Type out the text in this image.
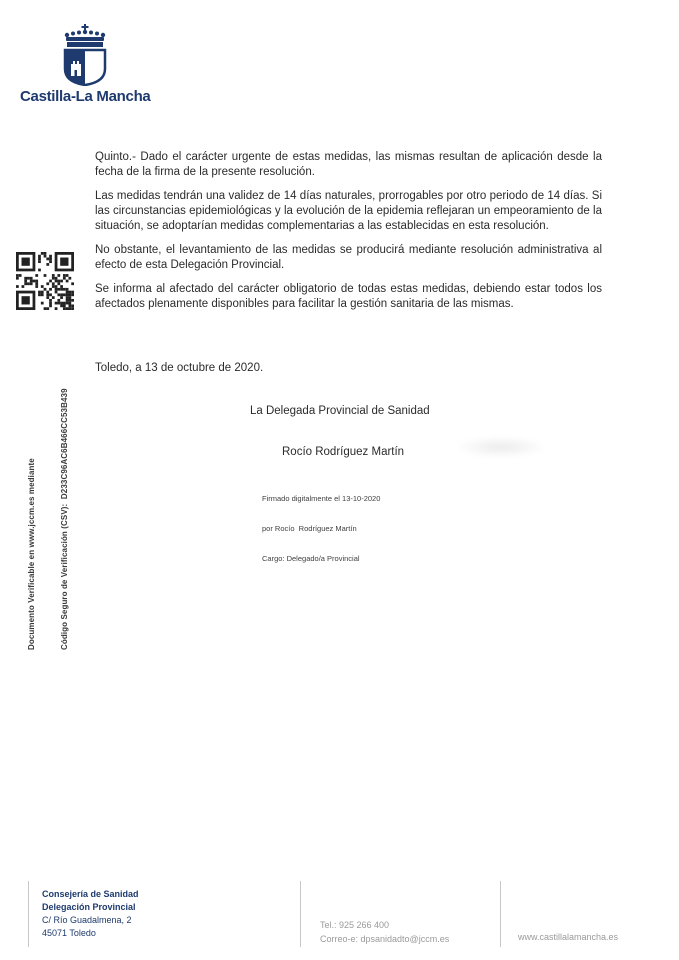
Castilla-La Mancha

Documento Verificable en www.jccm.es mediante

	Código Seguro de Verificación (CSV):  D233C96AC6B466CC53B439

Quinto.- Dado el carácter urgente de estas medidas, las mismas resultan de aplicación desde la fecha de la firma de la presente resolución.

Las medidas tendrán una validez de 14 días naturales, prorrogables por otro periodo de 14 días. Si las circunstancias epidemiológicas y la evolución de la epidemia reflejaran un empeoramiento de la situación, se adoptarían medidas complementarias a las establecidas en esta resolución.

No obstante, el levantamiento de las medidas se producirá mediante resolución administrativa al efecto de esta Delegación Provincial.

Se informa al afectado del carácter obligatorio de todas estas medidas, debiendo estar todos los afectados plenamente disponibles para facilitar la gestión sanitaria de las mismas.

Toledo, a 13 de octubre de 2020.
La Delegada Provincial de Sanidad
Rocío Rodríguez Martín

Firmado digitalmente el 13-10-2020

por Rocío  Rodríguez Martín

Cargo: Delegado/a Provincial

Consejería de Sanidad
Delegación Provincial
C/ Río Guadalmena, 2
45071 Toledo
Tel.: 925 266 400
Correo-e: dpsanidadto@jccm.es	www.castillalamancha.es
